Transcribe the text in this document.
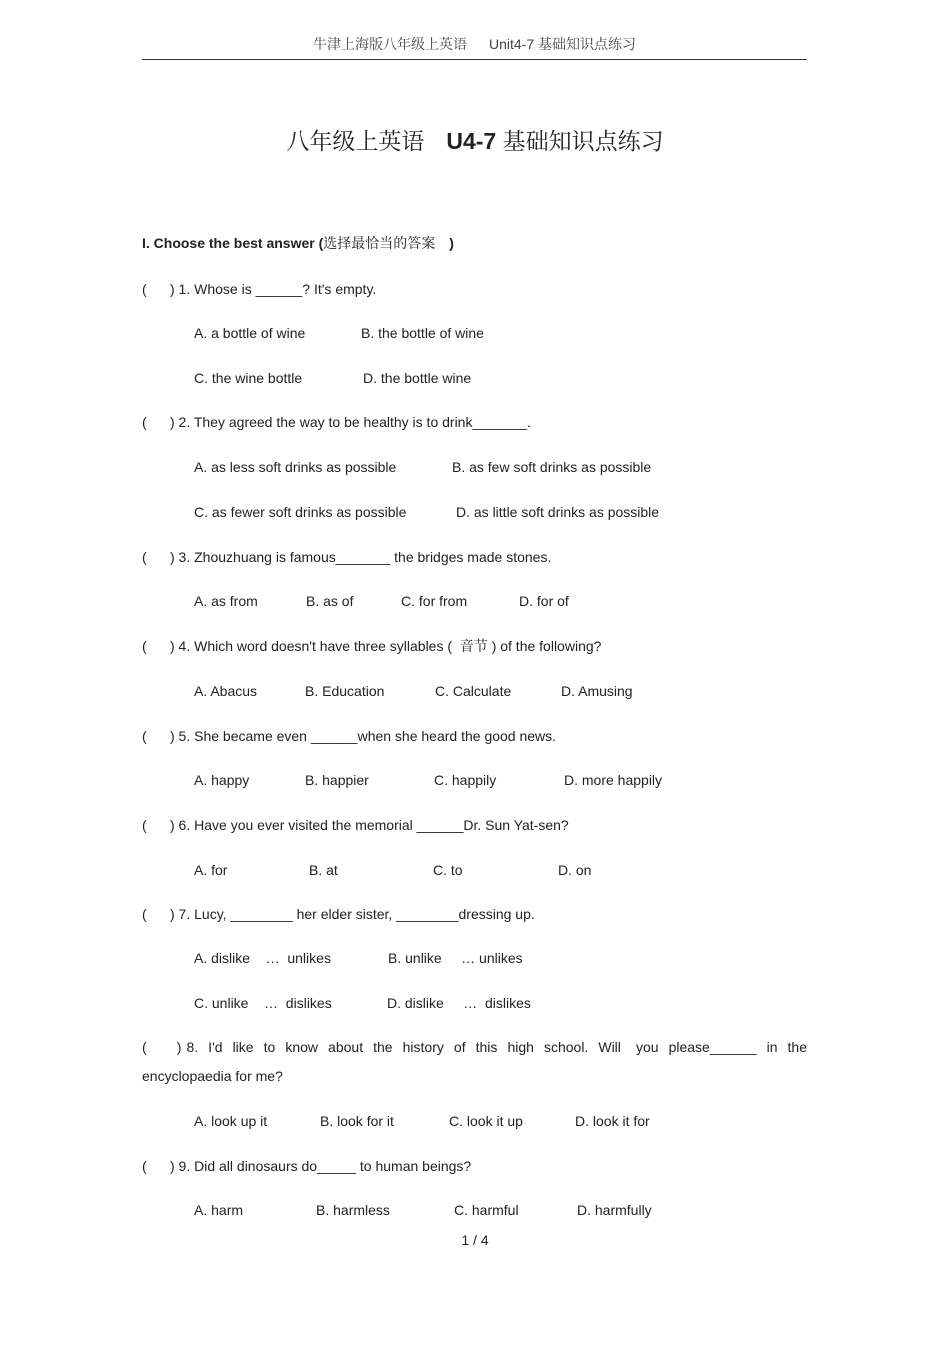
牛津上海版八年级上英语 Unit4-7 基础知识点练习
八年级上英语 U4-7 基础知识点练习
I. Choose the best answer (选择最恰当的答案 )
(      ) 1. Whose is ______? It's empty.
A. a bottle of wine	B. the bottle of wine
C. the wine bottle	D. the bottle wine
(      ) 2. They agreed the way to be healthy is to drink_______.
A. as less soft drinks as possible	B. as few soft drinks as possible
C. as fewer soft drinks as possible	D. as little soft drinks as possible
(      ) 3. Zhouzhuang is famous_______ the bridges made stones.
A. as from	B. as of	C. for from	D. for of
(      ) 4. Which word doesn't have three syllables (  音节 ) of the following?
A. Abacus	B. Education	C. Calculate	D. Amusing
(      ) 5. She became even ______when she heard the good news.
A. happy	B. happier	C. happily	D. more happily
(      ) 6. Have you ever visited the memorial ______Dr. Sun Yat-sen?
A. for	B. at	C. to	D. on
(      ) 7. Lucy, ________ her elder sister, ________dressing up.
A. dislike    …  unlikes	B. unlike     … unlikes
C. unlike    …  dislikes	D. dislike     …  dislikes
(      ) 8.  I'd  like  to  know  about  the  history  of  this  high  school.  Will   you  please______  in  the encyclopaedia for me?
A. look up it	B. look for it	C. look it up	D. look it for
(      ) 9. Did all dinosaurs do_____ to human beings?
A. harm	B. harmless	C. harmful	D. harmfully
1 / 4
